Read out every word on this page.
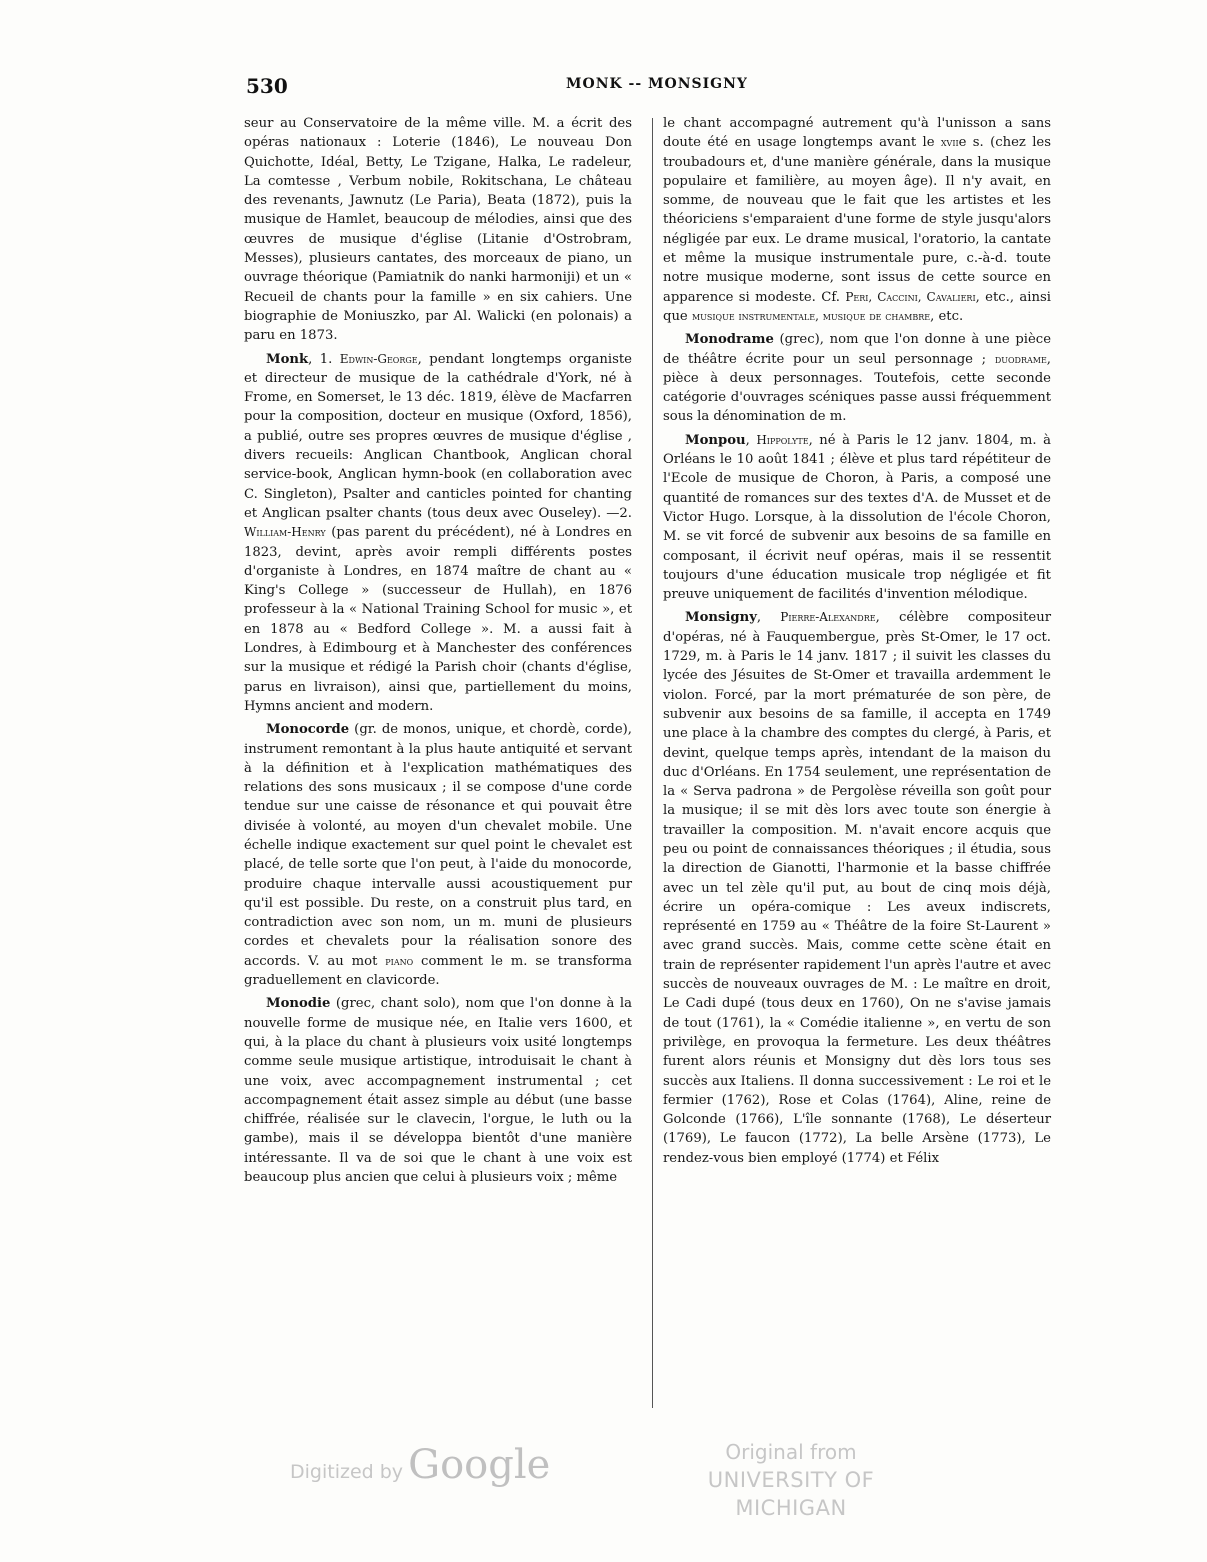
530	MONK -- MONSIGNY

seur au Conservatoire de la même ville. M. a écrit des opéras nationaux : Loterie (1846), Le nouveau Don Quichotte, Idéal, Betty, Le Tzigane, Halka, Le radeleur, La comtesse , Verbum nobile, Rokitschana, Le château des revenants, Jawnutz (Le Paria), Beata (1872), puis la musique de Hamlet, beaucoup de mélodies, ainsi que des œuvres de musique d'église (Litanie d'Ostrobram, Messes), plusieurs cantates, des morceaux de piano, un ouvrage théorique (Pamiatnik do nanki harmoniji) et un « Recueil de chants pour la famille » en six cahiers. Une biographie de Moniuszko, par Al. Walicki (en polonais) a paru en 1873.

Monk, 1. Edwin-George, pendant longtemps organiste et directeur de musique de la cathédrale d'York, né à Frome, en Somerset, le 13 déc. 1819, élève de Macfarren pour la composition, docteur en musique (Oxford, 1856), a publié, outre ses propres œuvres de musique d'église , divers recueils: Anglican Chantbook, Anglican choral service-book, Anglican hymn-book (en collaboration avec C. Singleton), Psalter and canticles pointed for chanting et Anglican psalter chants (tous deux avec Ouseley). —2. William-Henry (pas parent du précédent), né à Londres en 1823, devint, après avoir rempli différents postes d'organiste à Londres, en 1874 maître de chant au « King's College » (successeur de Hullah), en 1876 professeur à la « National Training School for music », et en 1878 au « Bedford College ». M. a aussi fait à Londres, à Edimbourg et à Manchester des conférences sur la musique et rédigé la Parish choir (chants d'église, parus en livraison), ainsi que, partiellement du moins, Hymns ancient and modern.

Monocorde (gr. de monos, unique, et chordè, corde), instrument remontant à la plus haute antiquité et servant à la définition et à l'explication mathématiques des relations des sons musicaux ; il se compose d'une corde tendue sur une caisse de résonance et qui pouvait être divisée à volonté, au moyen d'un chevalet mobile. Une échelle indique exactement sur quel point le chevalet est placé, de telle sorte que l'on peut, à l'aide du monocorde, produire chaque intervalle aussi acoustiquement pur qu'il est possible. Du reste, on a construit plus tard, en contradiction avec son nom, un m. muni de plusieurs cordes et chevalets pour la réalisation sonore des accords. V. au mot piano comment le m. se transforma graduellement en clavicorde.

Monodie (grec, chant solo), nom que l'on donne à la nouvelle forme de musique née, en Italie vers 1600, et qui, à la place du chant à plusieurs voix usité longtemps comme seule musique artistique, introduisait le chant à une voix, avec accompagnement instrumental ; cet accompagnement était assez simple au début (une basse chiffrée, réalisée sur le clavecin, l'orgue, le luth ou la gambe), mais il se développa bientôt d'une manière intéressante. Il va de soi que le chant à une voix est beaucoup plus ancien que celui à plusieurs voix ; même

le chant accompagné autrement qu'à l'unisson a sans doute été en usage longtemps avant le xviie s. (chez les troubadours et, d'une manière générale, dans la musique populaire et familière, au moyen âge). Il n'y avait, en somme, de nouveau que le fait que les artistes et les théoriciens s'emparaient d'une forme de style jusqu'alors négligée par eux. Le drame musical, l'oratorio, la cantate et même la musique instrumentale pure, c.-à-d. toute notre musique moderne, sont issus de cette source en apparence si modeste. Cf. Peri, Caccini, Cavalieri, etc., ainsi que musique instrumentale, musique de chambre, etc.

Monodrame (grec), nom que l'on donne à une pièce de théâtre écrite pour un seul personnage ; duodrame, pièce à deux personnages. Toutefois, cette seconde catégorie d'ouvrages scéniques passe aussi fréquemment sous la dénomination de m.

Monpou, Hippolyte, né à Paris le 12 janv. 1804, m. à Orléans le 10 août 1841 ; élève et plus tard répétiteur de l'Ecole de musique de Choron, à Paris, a composé une quantité de romances sur des textes d'A. de Musset et de Victor Hugo. Lorsque, à la dissolution de l'école Choron, M. se vit forcé de subvenir aux besoins de sa famille en composant, il écrivit neuf opéras, mais il se ressentit toujours d'une éducation musicale trop négligée et fit preuve uniquement de facilités d'invention mélodique.

Monsigny, Pierre-Alexandre, célèbre compositeur d'opéras, né à Fauquembergue, près St-Omer, le 17 oct. 1729, m. à Paris le 14 janv. 1817 ; il suivit les classes du lycée des Jésuites de St-Omer et travailla ardemment le violon. Forcé, par la mort prématurée de son père, de subvenir aux besoins de sa famille, il accepta en 1749 une place à la chambre des comptes du clergé, à Paris, et devint, quelque temps après, intendant de la maison du duc d'Orléans. En 1754 seulement, une représentation de la « Serva padrona » de Pergolèse réveilla son goût pour la musique; il se mit dès lors avec toute son énergie à travailler la composition. M. n'avait encore acquis que peu ou point de connaissances théoriques ; il étudia, sous la direction de Gianotti, l'harmonie et la basse chiffrée avec un tel zèle qu'il put, au bout de cinq mois déjà, écrire un opéra-comique : Les aveux indiscrets, représenté en 1759 au « Théâtre de la foire St-Laurent » avec grand succès. Mais, comme cette scène était en train de représenter rapidement l'un après l'autre et avec succès de nouveaux ouvrages de M. : Le maître en droit, Le Cadi dupé (tous deux en 1760), On ne s'avise jamais de tout (1761), la « Comédie italienne », en vertu de son privilège, en provoqua la fermeture. Les deux théâtres furent alors réunis et Monsigny dut dès lors tous ses succès aux Italiens. Il donna successivement : Le roi et le fermier (1762), Rose et Colas (1764), Aline, reine de Golconde (1766), L'île sonnante (1768), Le déserteur (1769), Le faucon (1772), La belle Arsène (1773), Le rendez-vous bien employé (1774) et Félix

Digitized by Google	Original from
UNIVERSITY OF MICHIGAN
